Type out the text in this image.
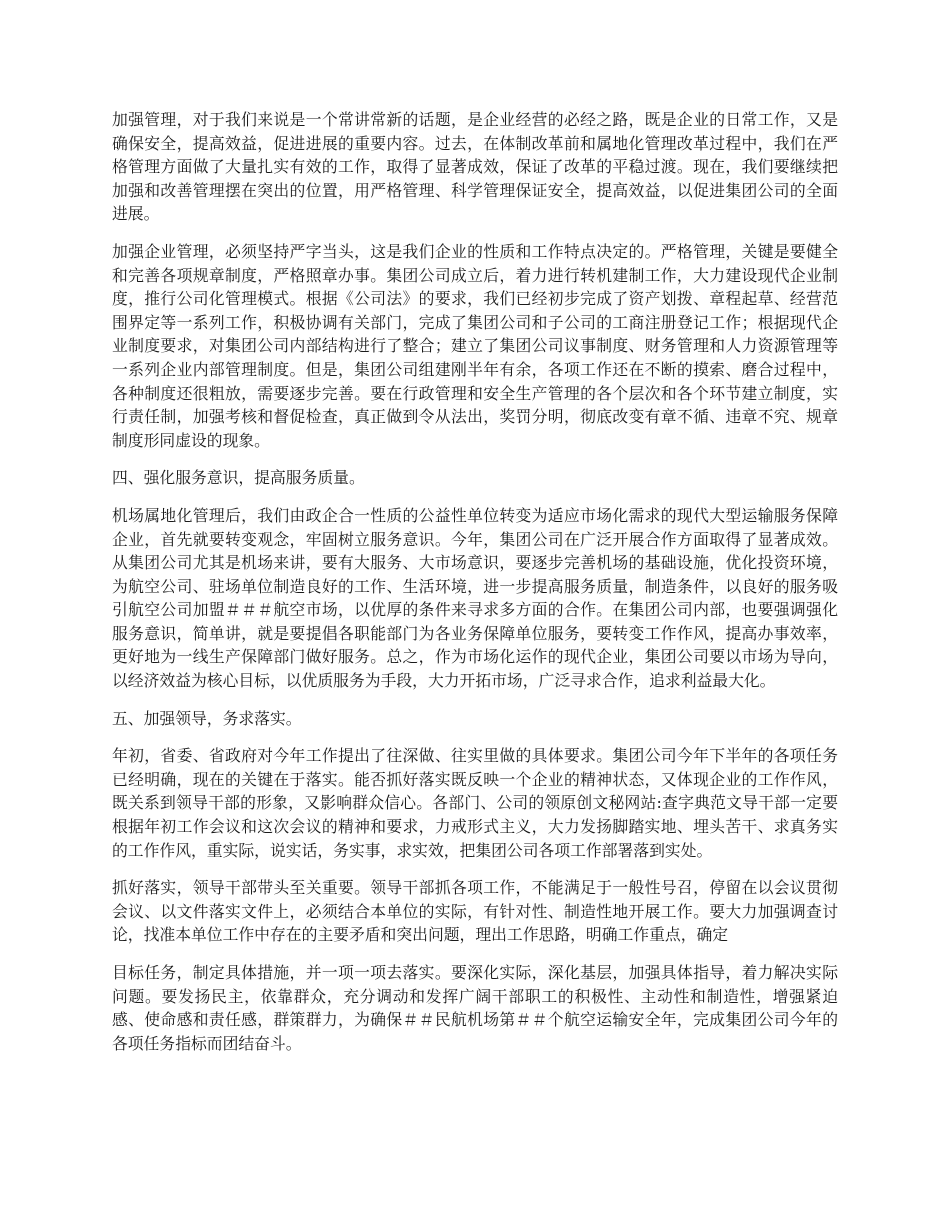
加强管理，对于我们来说是一个常讲常新的话题，是企业经营的必经之路，既是企业的日常工作，又是确保安全，提高效益，促进进展的重要内容。过去，在体制改革前和属地化管理改革过程中，我们在严格管理方面做了大量扎实有效的工作，取得了显著成效，保证了改革的平稳过渡。现在，我们要继续把加强和改善管理摆在突出的位置，用严格管理、科学管理保证安全，提高效益，以促进集团公司的全面进展。

加强企业管理，必须坚持严字当头，这是我们企业的性质和工作特点决定的。严格管理，关键是要健全和完善各项规章制度，严格照章办事。集团公司成立后，着力进行转机建制工作，大力建设现代企业制度，推行公司化管理模式。根据《公司法》的要求，我们已经初步完成了资产划拨、章程起草、经营范围界定等一系列工作，积极协调有关部门，完成了集团公司和子公司的工商注册登记工作；根据现代企业制度要求，对集团公司内部结构进行了整合；建立了集团公司议事制度、财务管理和人力资源管理等一系列企业内部管理制度。但是，集团公司组建刚半年有余，各项工作还在不断的摸索、磨合过程中，各种制度还很粗放，需要逐步完善。要在行政管理和安全生产管理的各个层次和各个环节建立制度，实行责任制，加强考核和督促检查，真正做到令从法出，奖罚分明，彻底改变有章不循、违章不究、规章制度形同虚设的现象。

四、强化服务意识，提高服务质量。

机场属地化管理后，我们由政企合一性质的公益性单位转变为适应市场化需求的现代大型运输服务保障企业，首先就要转变观念，牢固树立服务意识。今年，集团公司在广泛开展合作方面取得了显著成效。从集团公司尤其是机场来讲，要有大服务、大市场意识，要逐步完善机场的基础设施，优化投资环境，为航空公司、驻场单位制造良好的工作、生活环境，进一步提高服务质量，制造条件，以良好的服务吸引航空公司加盟＃＃＃航空市场，以优厚的条件来寻求多方面的合作。在集团公司内部，也要强调强化服务意识，简单讲，就是要提倡各职能部门为各业务保障单位服务，要转变工作作风，提高办事效率，更好地为一线生产保障部门做好服务。总之，作为市场化运作的现代企业，集团公司要以市场为导向，以经济效益为核心目标，以优质服务为手段，大力开拓市场，广泛寻求合作，追求利益最大化。

五、加强领导，务求落实。

年初，省委、省政府对今年工作提出了往深做、往实里做的具体要求。集团公司今年下半年的各项任务已经明确，现在的关键在于落实。能否抓好落实既反映一个企业的精神状态，又体现企业的工作作风，既关系到领导干部的形象，又影响群众信心。各部门、公司的领原创文秘网站:查字典范文导干部一定要根据年初工作会议和这次会议的精神和要求，力戒形式主义，大力发扬脚踏实地、埋头苦干、求真务实的工作作风，重实际，说实话，务实事，求实效，把集团公司各项工作部署落到实处。

抓好落实，领导干部带头至关重要。领导干部抓各项工作，不能满足于一般性号召，停留在以会议贯彻会议、以文件落实文件上，必须结合本单位的实际，有针对性、制造性地开展工作。要大力加强调查讨论，找准本单位工作中存在的主要矛盾和突出问题，理出工作思路，明确工作重点，确定

目标任务，制定具体措施，并一项一项去落实。要深化实际，深化基层，加强具体指导，着力解决实际问题。要发扬民主，依靠群众，充分调动和发挥广阔干部职工的积极性、主动性和制造性，增强紧迫感、使命感和责任感，群策群力，为确保＃＃民航机场第＃＃个航空运输安全年，完成集团公司今年的各项任务指标而团结奋斗。
